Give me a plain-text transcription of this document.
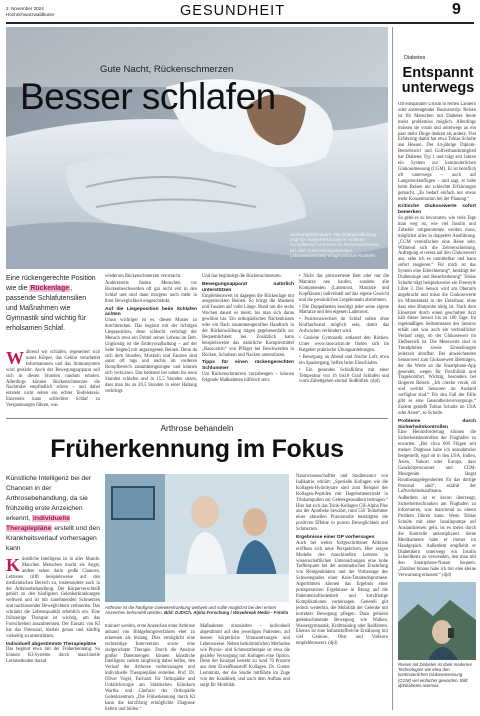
2. November 2024
Hochschwarzwaldkurier	GESUNDHEIT	9
Gute Nacht, Rückenschmerzen
Besser schlafen
Nicht empfehlenswert: Die Embryonalhaltung trägt zur Muskelverkürzung in vorderen Rumpfbereich und somit zu Rückenschmerzen bei. Bild: DJD/Homöopathisches Laboratorium/Getty Images/Michail Rudenko
Eine rückengerechte Position wie die Rückenlage, passende Schlafutensilien und Maßnahmen wie Gymnastik sind wichtig für erholsamen Schlaf.
W ährend wir schlafen, regeneriert sich unser Körper, das Gehirn verarbeitet Informationen und das Immunsystem wird gestärkt. Auch der Bewegungsapparat soll sich in diesen Stunden rundum erholen. Allerdings können Rückenschmerzen die Nachtruhe empfindlich stören – und dabei entsteht nicht selten ein echter Teufelskreis. Einerseits kann schlechter Schlaf zu Verspannungen führen, was

wiederum Rückenschmerzen verursacht.

Andererseits finden Menschen vor Rückenbeschwerden oft gar nicht erst in den Schlaf und sind dann morgens noch mehr in ihrer Beweglichkeit eingeschränkt.

Auf die Liegeposition beim Schlafen achten

Umso wichtiger ist es, diesen Muster zu durchbrechen. Das beginnt mit der richtigen Liegeposition, denn schlecht verbringt der Mensch etwa ein Drittel seines Lebens im Bett. Ungünstig ist die Embryonalhaltung – auf der Seite liegend mit angezogenen Beinen. Denn da sich dem Stunden, Muskeln und Faszien sind sonst oft tags und nachts im vorderen Rumpfbereich zusammengezogen und können sich verkürzen. Das bedeutet bei nahen bis neun Stunden schlafen und in 15,5 Stunden sitzen, dass man bis zu 20,5 Stunden in einer Haltung verbringt.

Und das begünstigt die Rückenschmerzen.

Bewegungsapparat natürlich unterstützen

Empfehlenswert ist dagegen die Rückenlage mit ausgestreckten Beinen. So bringt die Muskeln und Faszien auf volle Länge. Rund um die sechs Wochen dauert es meist, bis man sich daran gewöhnt hat. Ein orthopädisches Nackenkissen oder ein flach zusammengerolltes Handtuch in der Rückenwölbung tragen gegebenenfalls zur Bequemlichkeit bei. Zusätzlich kann beispielsweise das natürliche Komplexmittel „Rasocalcin“ von Pflüger bei Beschwerden in Rücken, Schultern und Nacken unterstützen.

Tipps für einen rückengerechten Schlummer

Um Rückenschmerzen vorzubeugen – können folgende Maßnahmen hilfreich sein:

• Nicht das preiswerteste Bett oder nur die Matratze neu kaufen, sondern alle Komponenten (Lattenrost, Matratze und Kopfkissen) individuell auf das eigene Gewicht und die persönlichen Liegekontakt abstimmen.

• Die Doppelbetten benötigt jeder seine eigene Matratze und den eigenen Lattenrost.

• Positionswechsel im Schlaf sollen ohne Kraftaufwand möglich sein, damit das Aufwachen verhindert wird.

• Gezielte Gymnastik entlastet den Rücken. Unter www.rasocalcin.de finden sich im Ratgeber praktische Übungsanleitungen.

• Bewegung an Abend und frische Luft, etwa ein Spaziergang, helfen beim Einschlafen.

• Ein gesundes Schlafklima mit einer Temperatur von 16 bis18 Grad Schlafen und vorm Zubettgehen einmal Stoßlüften. (djd)

Diabetes
Entspannt unterwegs

Oft entspannter Urlaub in fernen Ländern oder anstrengender Businesstrip: Reisen ist für Menschen mit Diabetes heute meist problemlos möglich. Allerdings müssen sie vorab und unterwegs an ein paar mehr Dinge denken als andere. Viel Erfahrung damit hat etwa Tobias Schulte aus Hessen. Der 44-jährige Diplom-Betriebswirt und Golfverbandsmitglied hat Diabetes Typ 1 und trägt seit Jahren ein System zur kontinuierlichen Glukosemessung (CGM). Er ist beruflich oft unterwegs – auch auf Langstreckenflügen – und sagt, er habe beim Reisen nie schlechte Erfahrungen gemacht. „Es bedarf einfach nur etwas mehr Konzentration bei der Planung.“

Kritische Glukosewerte sofort bemerken

So gelte es zu bevorraten, wie viele Tage man weg ist, wie viel Insulin und Zubehör mitgenommen werden muss, möglichst alles in doppelter Ausführung. „CGM vereinfachen eine Reise sehr. Während sich die Zeitverschiebung, Aufregung et cetera auf den Glukosewert aus, sehe ich es unmittelbar und kann sofort reagieren.“ Für mich ist das System eine Erleichterung“, bestätigt der Diabetologe und Reiseforderung“ Tobias Schulte trägt beispielsweise ein Freestyle Libre 3. Der Sensor wird am Oberarm angebracht und misst die Glukosewerte im Minutentakt in der Unterhaut, ohne dass eine Blutprobe nötig ist. Nach dem Einsetzen durch einen geschulten Arzt hält dieser Sensor bis zu 180 Tage. Im regelmäßigen Selbstmessen des Sensors erhält und was auch ein verbindlicher Verlauf zeigt, ob der Glukosewert im Zielbereich ist. Die Messwerte sind in Trendpfeilen sowie Einstellungen jederzeit abrufbar. Bei abweichenden Sensorwert zum Glukosewert übertragen, der die Werte an die Smartphone-App gesendet, wegen für Flexibilität und Tragekomfort. Wichtig, besonders bei längeren Reisen: „Ich checke vorab, ob und welche Sensoren im Ausland verfügbar sind.“ Für den Fall der Fälle gibt es eine Gesundheitsversorgungs.“ Zudem genießt Tobias Schulte im USA oder Asien“, so Schulte.

Probleme durch Sicherheitskontrollen

Eine Herausforderung können die Sicherheitskontrollen der Flughäfen zu erwarten. „Bei circa 600 Flügen seit meiner Diagnose habe ich ausnahmslos festgestellt, egal ob in den USA, Indien, Asien, Nahost oder Europa, dass Ganzkörperscanner und CGM-Messgeräte längst Routineangelegenheiten für das dortige Personal sind“, erzählt der Luftverkehrskaufmann.

Außerdem ist er davon überzeugt, Sicherheitsschranken am Flughafen zu informieren, was manchmal zu einem Problem führen kann. Wenn Tobias Schulte mit einer Insulinpumpe auf Auslandsreisen geht, ist es meist durch die Kontrolle unkompliziert. Seine Medikamente habe er immer im Handgepäck. Außerdem empfiehlt er Diabetikern unterwegs ein Insulin Schnelltests zu verwenden, den man mit den Smartphone-Nutzer bequem. „Darüber hinaus habe ich mir eine kleine Verwarnung erlassen!“ (djd)

Reisen mit Diabetes ist dank moderner Technologien wie etwa den kontinuierlichen Glukosemessung (CGM) viel einfacher geworden. Bild: djd/diabetes.acemsia
Arthrose behandeln
Früherkennung im Fokus
Künstliche Intelligenz bei der Chancen in der Arthrosebehandlung, da sie frühzeitig erste Anzeichen erkennt, individuelle Therapiepläne erstellt und den Krankheitsverlauf vorhersagen kann
K ünstliche Intelligenz ist in aller Munde. Manchen Menschen macht sie Angst, andere sehen darin große Chancen. Letzteres trifft beispielsweise auf den medizinischen Bereich zu, insbesondere auch in der Arthrosebehandlung. Der Körperverschleiß gehört zu den häufigsten Gelenkerkrankungen weltweit und ist mit zunehmenden Schmerzen und nachlassender Beweglichkeit verbunden. Das schränkt die Lebensqualität erheblich ein. Eine frühzeitige Therapie ist wichtig, um das Fortschreiten auszubremsen. Der Einsatz von KI hat das Potenzial, hierbei genau und künftig vielseitig zu unterstützen.

Individuell abgestimmte Therapiepläne

Das beginnt etwa mit der Früherkennung: So können KI-Systeme durch maschinelle Lernmethoden darauf

Arthrose ist die häufigste Gelenkerkrankung weltweit und sollte möglichst bei den ersten Anzeichen behandelt werden. Bild: DJD/Ch. Alpha Forschung / Wavebreak Media - Fotolia

trainiert werden, erste Anzeichen einer Arthrose anhand von Bildgebungsverfahren eher zu erkennen als bislang. Dies ermöglicht eine rechtzeitige Intervention sowie eine zielgerichtete Therapie. Durch die Analyse großer Datenmengen können künstliche Intelligenz zudem langfristig dabei helfen, den Verlauf der Arthrose vorherzusagen und individuelle Therapiepläne erstellen. Prof. Dr. Oliver Vogel, Facharzt für Orthopädie und Unfallchirurgie am Städtischen Klinikum Wartha und Chefarzt der Orthopädie Gelenkzentrum „Die Früherkennung durch KI kann die kurzfristig ermöglichte Diagnose liefern und bilden.“

Maßnahmen einzuleiten – individuell abgestimmt auf den jeweiligen Patienten, auf dessen körperliche Voraussetzungen und Lebensweise. Neben herkömmlichen Methoden wie Physio- und Schmerztherapie ist etwa die gezielte Versorgung mit Kollagen eine Option. Denn der Knorpel besteht zu rund 70 Prozent aus dem Eiweißbaustoff Kollagen. Dr. Gunter Lemmnitz, der die Studie mitführte im Zuge von der Krankheit, und nach dem Aufbau und sorgt für Mobilität.

Naturwissenschaftler und Studienautor von Indikatrie, erklärt: „Spezielle Kollagen wie die Kollagen-Hydrolysate sind zum Beispiel der Kollagen-Peptiden mit Hagebuttenextrakt in Trinkampullen zur Gelenkgesundheit beitragen.“ Hier hat sich das Trink-Kollagen CH-Alpha Plus aus der Apotheke bewährt, rund 550 Teilnehmer einer aktuellen Praxisstudie bestätigten die positiven Effekte in puncto Beweglichkeit und Schmerzen.

Ergebnisse einer OP vorhersagen

Auch bei weiter fortgeschrittener Arthrose eröffnen sich neue Perspektiven. Hier zeigen Modelle des maschinellen Lernens in wissenschaftlichen Untersuchungen eine hohe Trefferquote bei der automatischen Einstufung von Röntgenbildern und der Vorhersage des Schweregrades einer Knie-Totalendoprothese. Algorithmen können das Ergebnis einer postoperativen Ergebnisse in Bezug auf die Patientenzufriedenheit und kurzfristige Komplikationen vorhersagen. Generell gilt jedoch weiterhin, die Mobilität der Gelenke mit korrekter Bewegung pflegen. Dazu gehören gelenkschonende Bewegung wie Walken, Wassergymnastik, Krafttraining oder Radfahren. Ebenso ist eine ballaststoffreiche Ernährung mit viel Gemüse, Obst und Vollkorn empfehlenswert. (djd)
